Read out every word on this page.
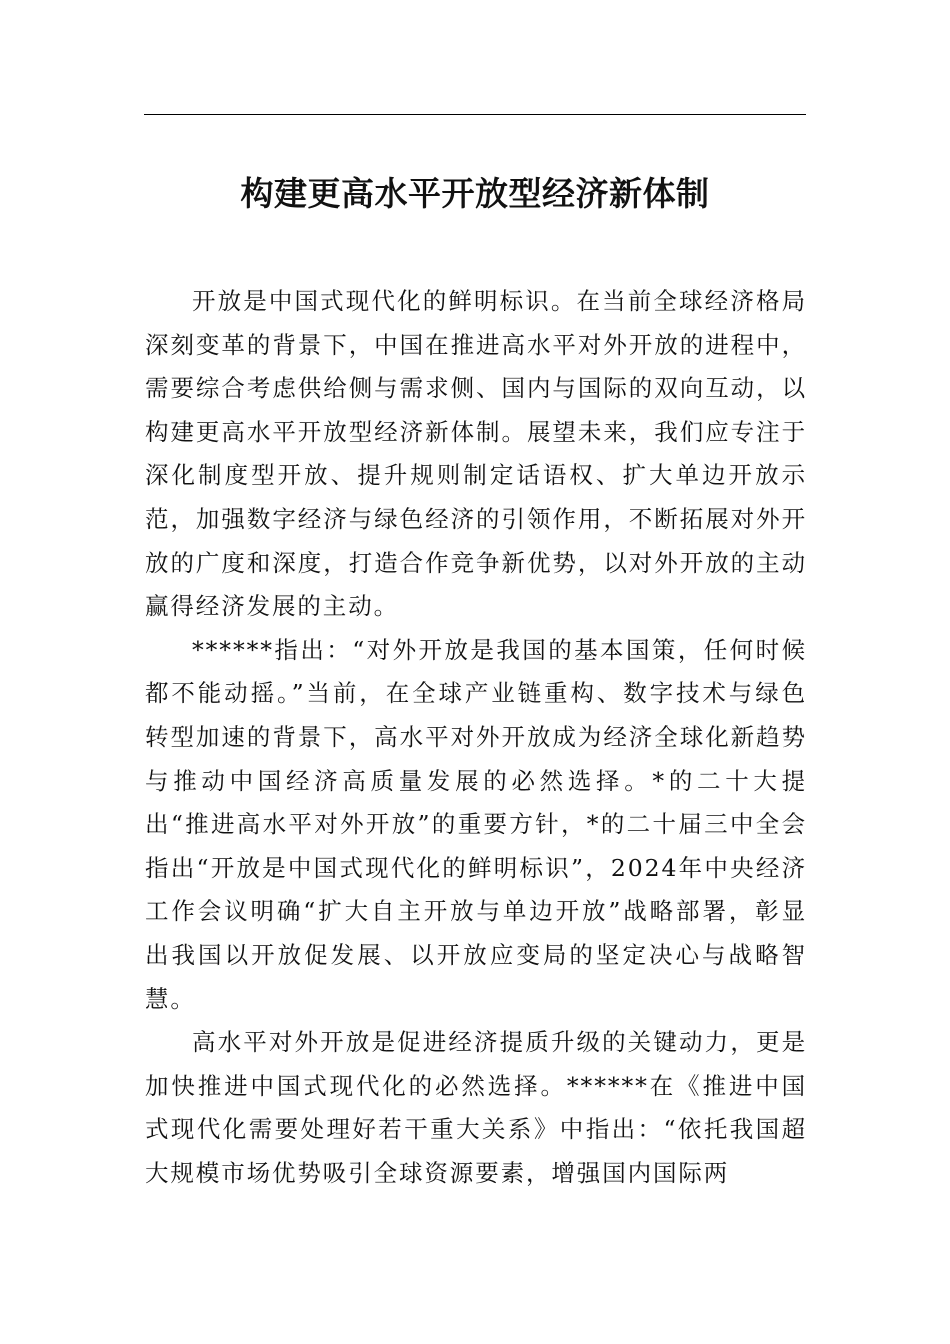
构建更高水平开放型经济新体制

开放是中国式现代化的鲜明标识。在当前全球经济格局深刻变革的背景下，中国在推进高水平对外开放的进程中，需要综合考虑供给侧与需求侧、国内与国际的双向互动，以构建更高水平开放型经济新体制。展望未来，我们应专注于深化制度型开放、提升规则制定话语权、扩大单边开放示范，加强数字经济与绿色经济的引领作用，不断拓展对外开放的广度和深度，打造合作竞争新优势，以对外开放的主动赢得经济发展的主动。

******指出：“对外开放是我国的基本国策，任何时候都不能动摇。”当前，在全球产业链重构、数字技术与绿色转型加速的背景下，高水平对外开放成为经济全球化新趋势与推动中国经济高质量发展的必然选择。*的二十大提出“推进高水平对外开放”的重要方针，*的二十届三中全会指出“开放是中国式现代化的鲜明标识”，2024年中央经济工作会议明确“扩大自主开放与单边开放”战略部署，彰显出我国以开放促发展、以开放应变局的坚定决心与战略智慧。

高水平对外开放是促进经济提质升级的关键动力，更是加快推进中国式现代化的必然选择。******在《推进中国式现代化需要处理好若干重大关系》中指出：“依托我国超大规模市场优势吸引全球资源要素，增强国内国际两
